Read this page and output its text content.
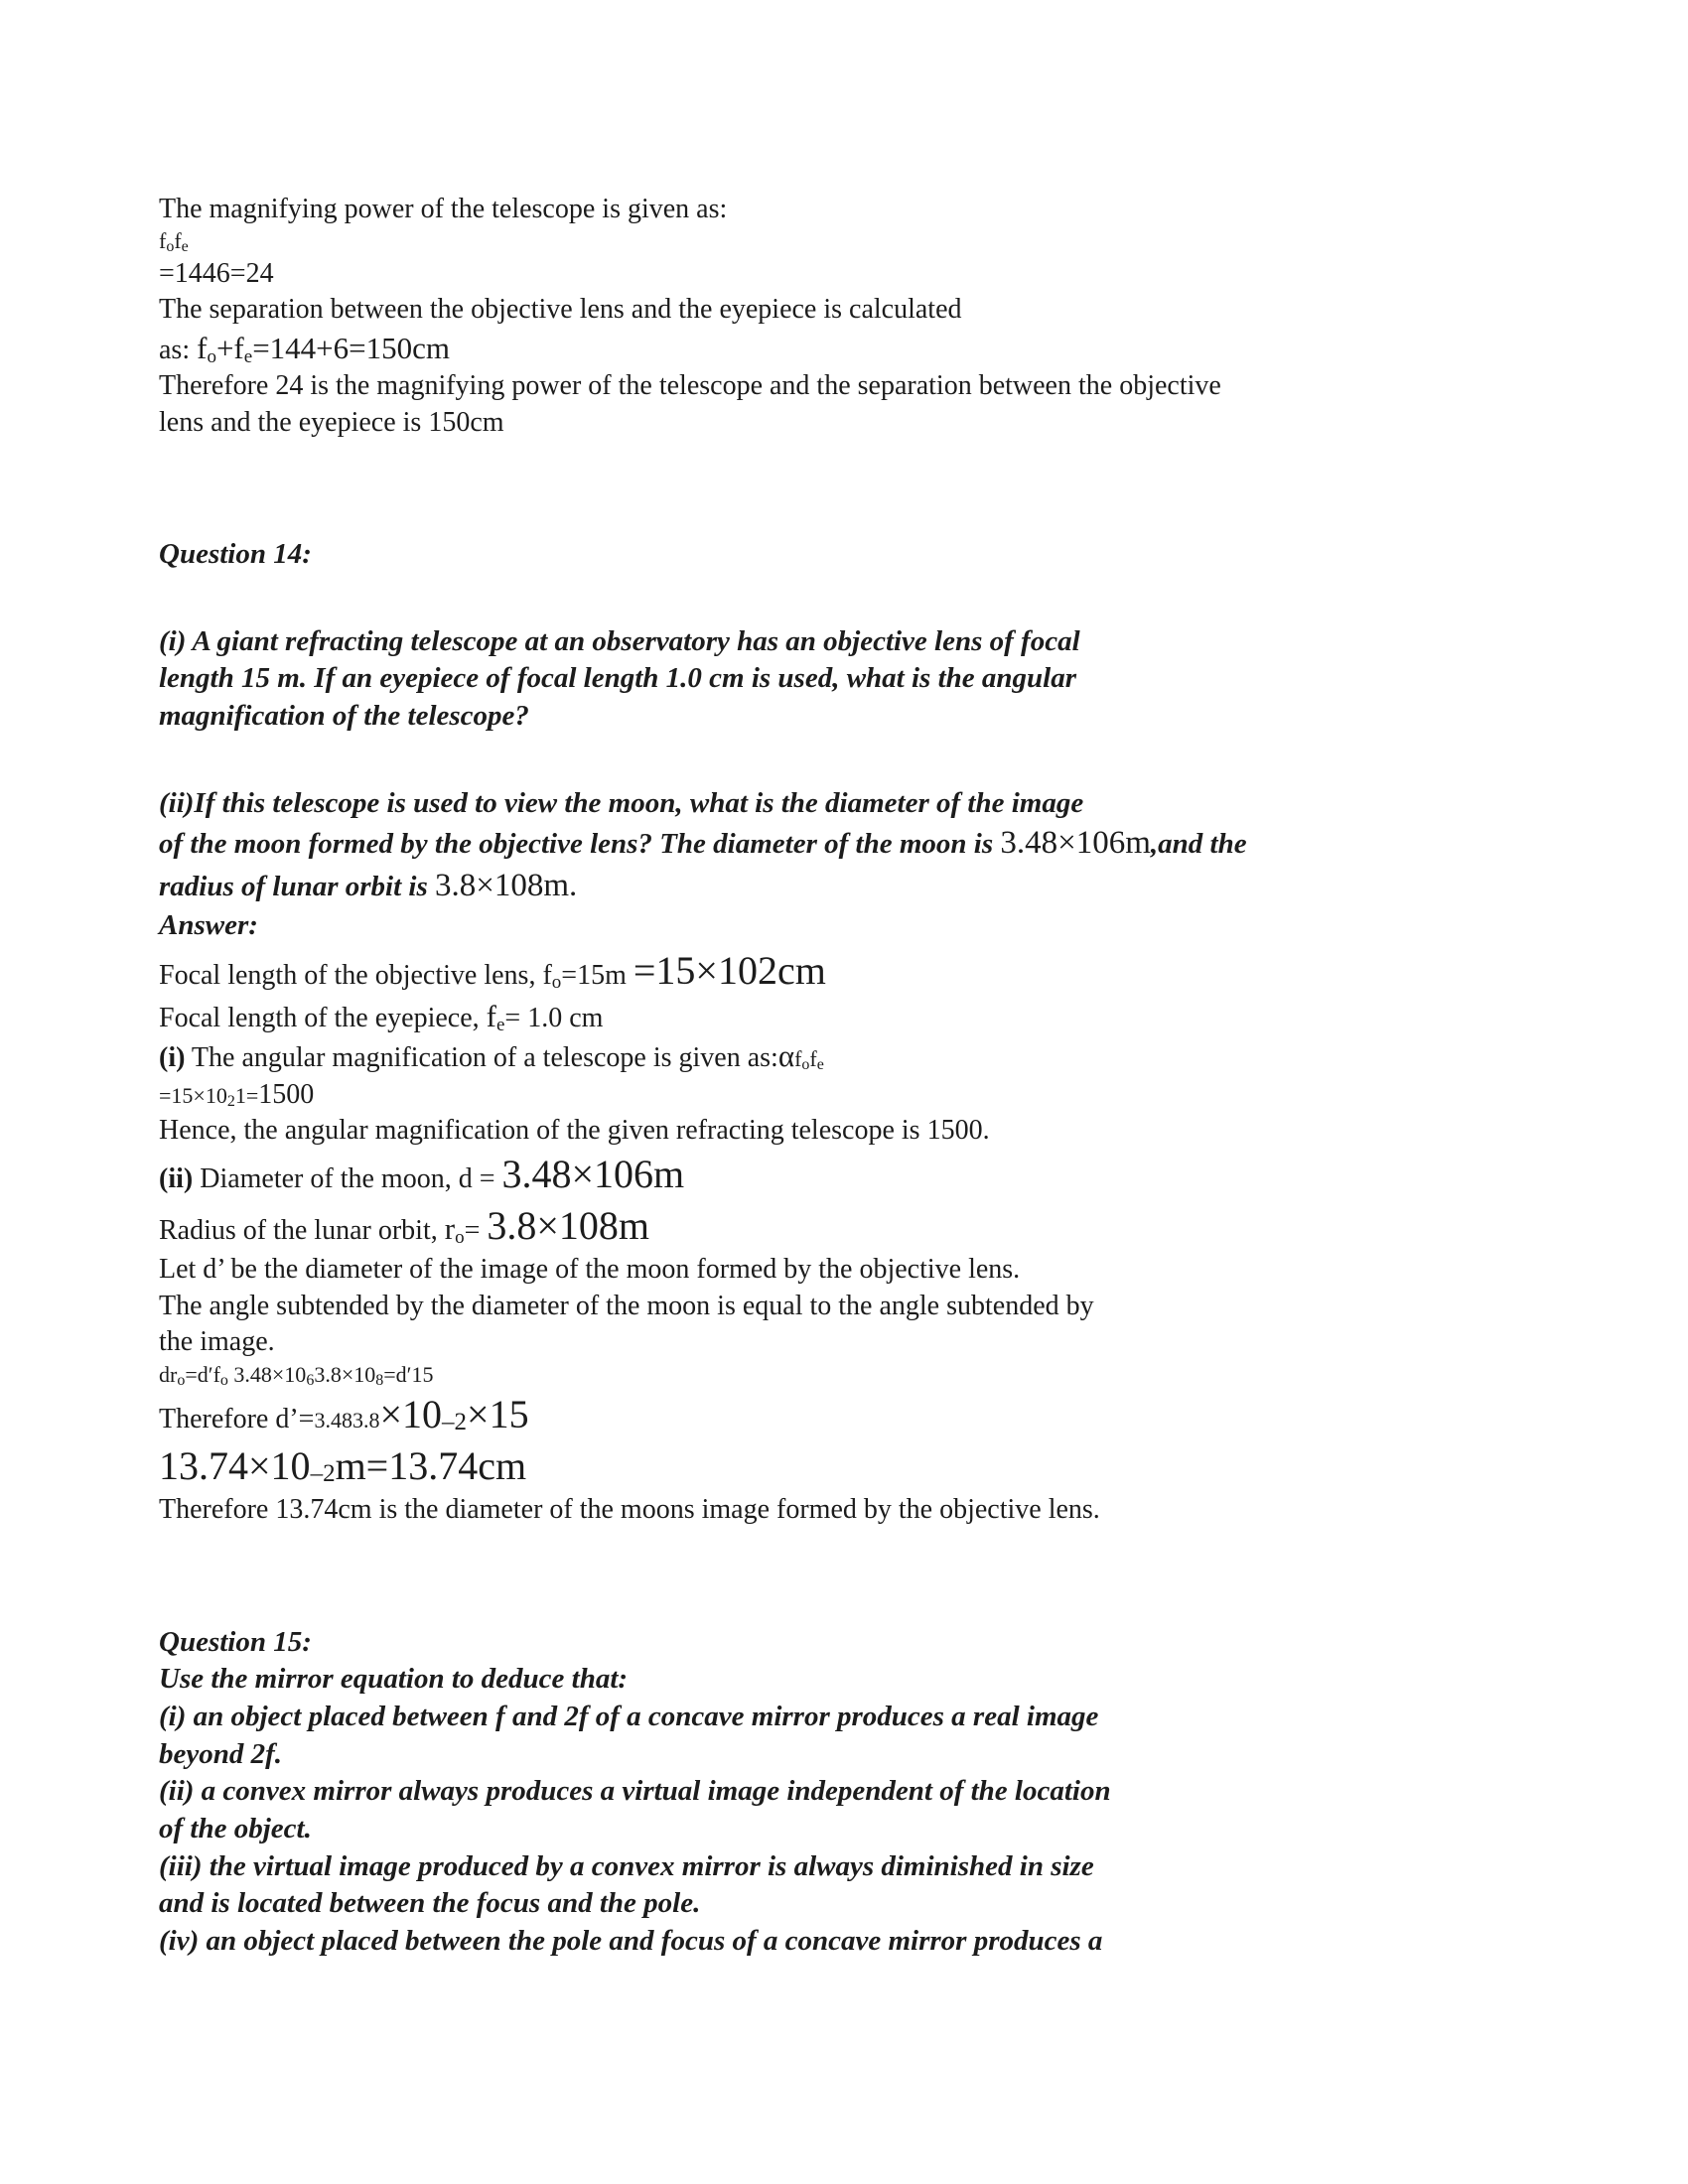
The magnifying power of the telescope is given as:
fofe
=1446=24
The separation between the objective lens and the eyepiece is calculated
as: fo+fe=144+6=150cm
Therefore 24 is the magnifying power of the telescope and the separation between the objective
lens and the eyepiece is 150cm
Question 14:
(i) A giant refracting telescope at an observatory has an objective lens of focal
length 15 m. If an eyepiece of focal length 1.0 cm is used, what is the angular
magnification of the telescope?
(ii)If this telescope is used to view the moon, what is the diameter of the image
of the moon formed by the objective lens? The diameter of the moon is 3.48×106m,and the
radius of lunar orbit is 3.8×108m.
Answer:
Focal length of the objective lens, fo=15m =15×102cm
Focal length of the eyepiece, fe= 1.0 cm
(i) The angular magnification of a telescope is given as:αfofe
=15×1021=1500
Hence, the angular magnification of the given refracting telescope is 1500.
(ii) Diameter of the moon, d = 3.48×106m
Radius of the lunar orbit, ro= 3.8×108m
Let d’ be the diameter of the image of the moon formed by the objective lens.
The angle subtended by the diameter of the moon is equal to the angle subtended by
the image.
dro=d′fo 3.48×1063.8×108=d′15
Therefore d’=3.483.8×10–2×15
13.74×10–2m=13.74cm
Therefore 13.74cm is the diameter of the moons image formed by the objective lens.
Question 15:
Use the mirror equation to deduce that:
(i) an object placed between f and 2f of a concave mirror produces a real image
beyond 2f.
(ii) a convex mirror always produces a virtual image independent of the location
of the object.
(iii) the virtual image produced by a convex mirror is always diminished in size
and is located between the focus and the pole.
(iv) an object placed between the pole and focus of a concave mirror produces a
